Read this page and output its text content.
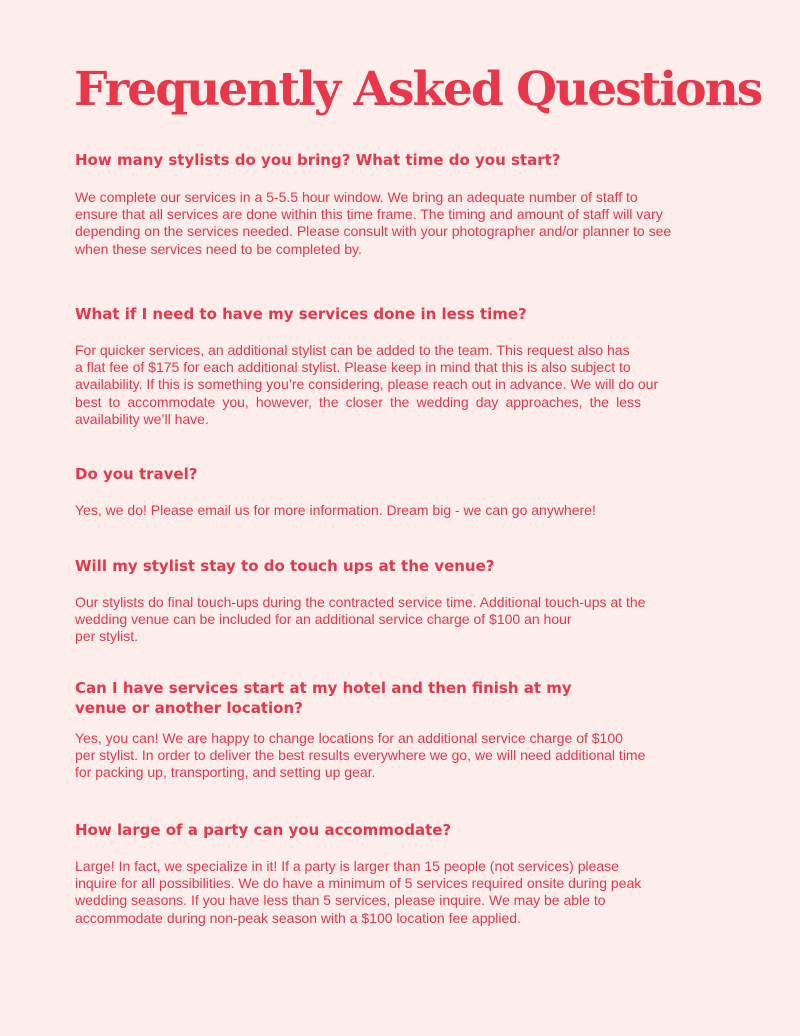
Frequently Asked Questions
How many stylists do you bring? What time do you start?
We complete our services in a 5-5.5 hour window. We bring an adequate number of staff to
ensure that all services are done within this time frame. The timing and amount of staff will vary
depending on the services needed. Please consult with your photographer and/or planner to see
when these services need to be completed by.
What if I need to have my services done in less time?
For quicker services, an additional stylist can be added to the team. This request also has
a flat fee of $175 for each additional stylist. Please keep in mind that this is also subject to
availability. If this is something you’re considering, please reach out in advance. We will do our
best to accommodate you, however, the closer the wedding day approaches, the less
availability we’ll have.
Do you travel?
Yes, we do! Please email us for more information. Dream big - we can go anywhere!
Will my stylist stay to do touch ups at the venue?
Our stylists do final touch-ups during the contracted service time. Additional touch-ups at the
wedding venue can be included for an additional service charge of $100 an hour
per stylist.
Can I have services start at my hotel and then finish at my
venue or another location?
Yes, you can! We are happy to change locations for an additional service charge of $100
per stylist. In order to deliver the best results everywhere we go, we will need additional time
for packing up, transporting, and setting up gear.
How large of a party can you accommodate?
Large! In fact, we specialize in it! If a party is larger than 15 people (not services) please
inquire for all possibilities. We do have a minimum of 5 services required onsite during peak
wedding seasons. If you have less than 5 services, please inquire. We may be able to
accommodate during non-peak season with a $100 location fee applied.
